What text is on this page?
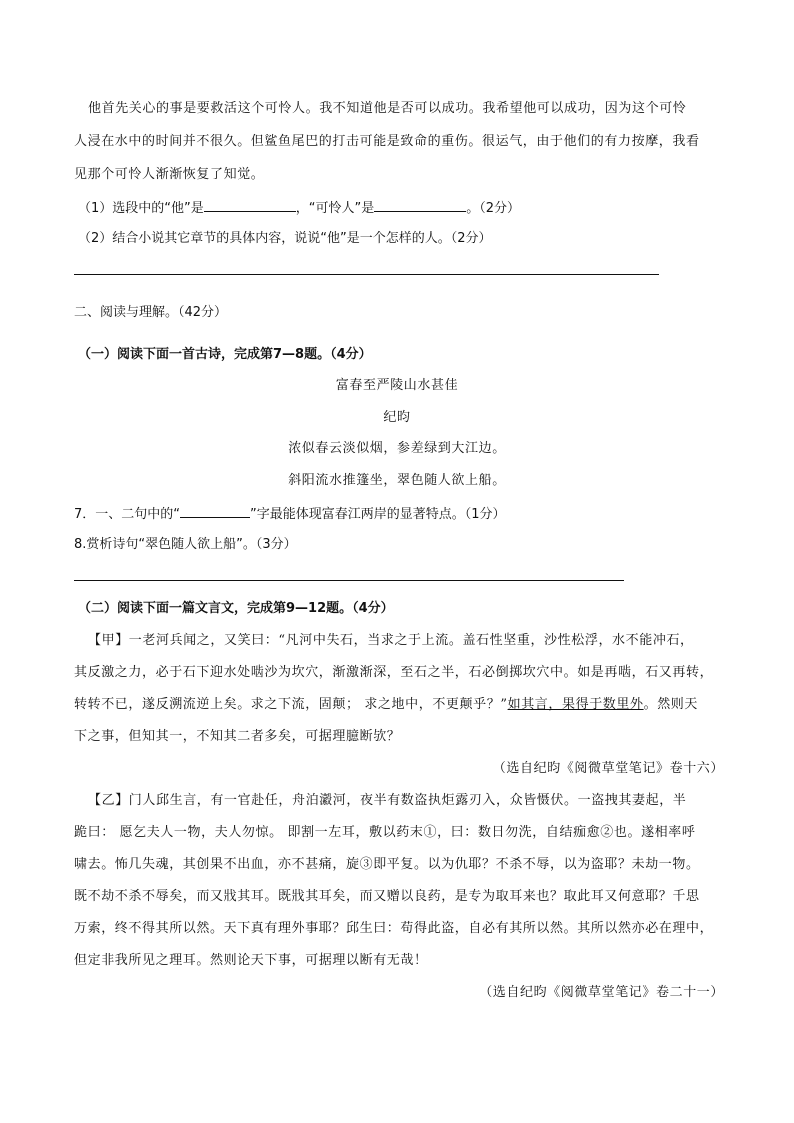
他首先关心的事是要救活这个可怜人。我不知道他是否可以成功。我希望他可以成功，因为这个可怜
人浸在水中的时间并不很久。但鲨鱼尾巴的打击可能是致命的重伤。很运气，由于他们的有力按摩，我看
见那个可怜人渐渐恢复了知觉。
（1）选段中的“他”是	，“可怜人”是	。（2分）
（2）结合小说其它章节的具体内容，说说“他”是一个怎样的人。（2分）
二、阅读与理解。（42分）
（一）阅读下面一首古诗，完成第7—8题。（4分）
富春至严陵山水甚佳
纪昀
浓似春云淡似烟，参差绿到大江边。
斜阳流水推篷坐，翠色随人欲上船。
7．一、二句中的“	”字最能体现富春江两岸的显著特点。（1分）
8.赏析诗句“翠色随人欲上船”。（3分）
（二）阅读下面一篇文言文，完成第9—12题。（4分）
【甲】一老河兵闻之，又笑曰：“凡河中失石，当求之于上流。盖石性坚重，沙性松浮，水不能冲石，
其反激之力，必于石下迎水处啮沙为坎穴，渐激渐深，至石之半，石必倒掷坎穴中。如是再啮，石又再转，
转转不已，遂反溯流逆上矣。求之下流，固颠； 求之地中，不更颠乎？”如其言，果得于数里外。然则天
下之事，但知其一，不知其二者多矣，可据理臆断欤？
（选自纪昀《阅微草堂笔记》卷十六）
【乙】门人邱生言，有一官赴任，舟泊瀫河，夜半有数盗执炬露刃入，众皆慑伏。一盗拽其妻起，半
跪曰： 愿乞夫人一物，夫人勿惊。 即割一左耳，敷以药末①，曰：数日勿洗，自结痂愈②也。遂相率呼
啸去。怖几失魂，其创果不出血，亦不甚痛，旋③即平复。以为仇耶？不杀不辱，以为盗耶？未劫一物。
既不劫不杀不辱矣，而又戕其耳。既戕其耳矣，而又赠以良药，是专为取耳来也？取此耳又何意耶？千思
万索，终不得其所以然。天下真有理外事耶？邱生曰：苟得此盗，自必有其所以然。其所以然亦必在理中，
但定非我所见之理耳。然则论天下事，可据理以断有无哉！
（选自纪昀《阅微草堂笔记》卷二十一）
